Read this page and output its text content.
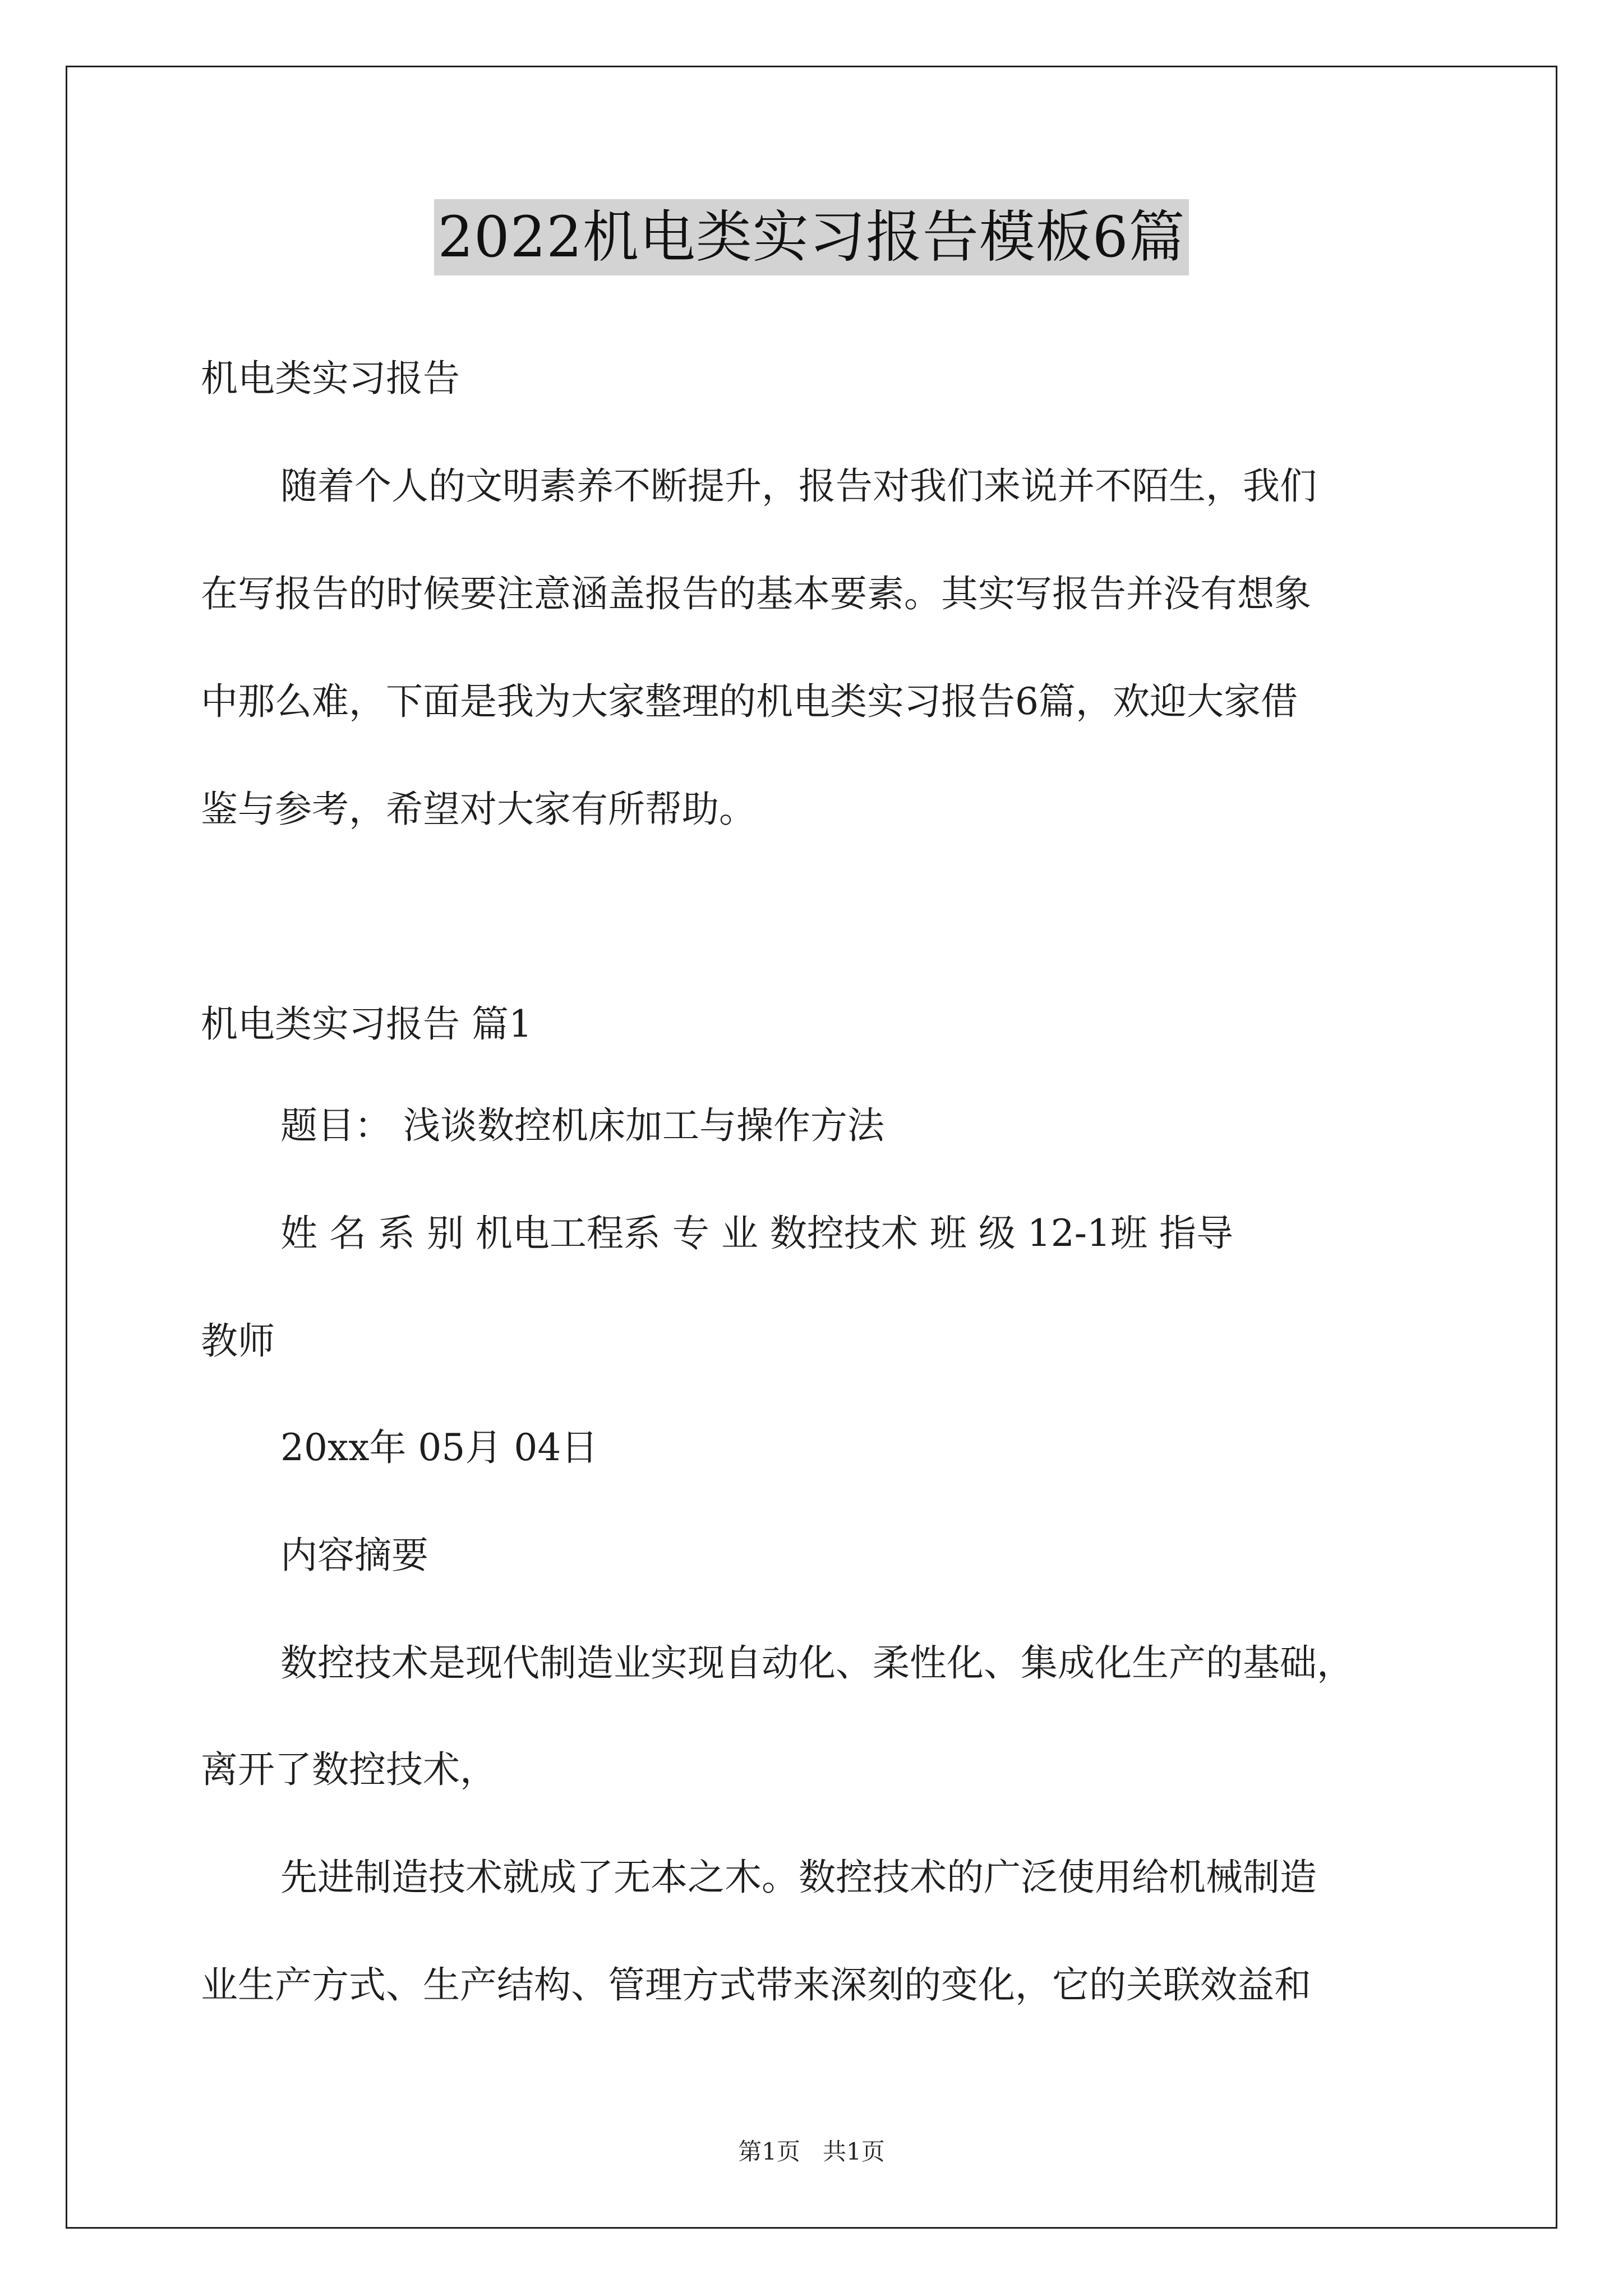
2022机电类实习报告模板6篇
机电类实习报告
随着个人的文明素养不断提升，报告对我们来说并不陌生，我们
在写报告的时候要注意涵盖报告的基本要素。其实写报告并没有想象
中那么难，下面是我为大家整理的机电类实习报告6篇，欢迎大家借
鉴与参考，希望对大家有所帮助。
机电类实习报告 篇1
题目： 浅谈数控机床加工与操作方法
姓 名 系 别 机电工程系 专 业 数控技术 班 级 12-1班 指导
教师
20xx年 05月 04日
内容摘要
数控技术是现代制造业实现自动化、柔性化、集成化生产的基础，
离开了数控技术，
先进制造技术就成了无本之木。数控技术的广泛使用给机械制造
业生产方式、生产结构、管理方式带来深刻的变化，它的关联效益和
第1页   共1页
